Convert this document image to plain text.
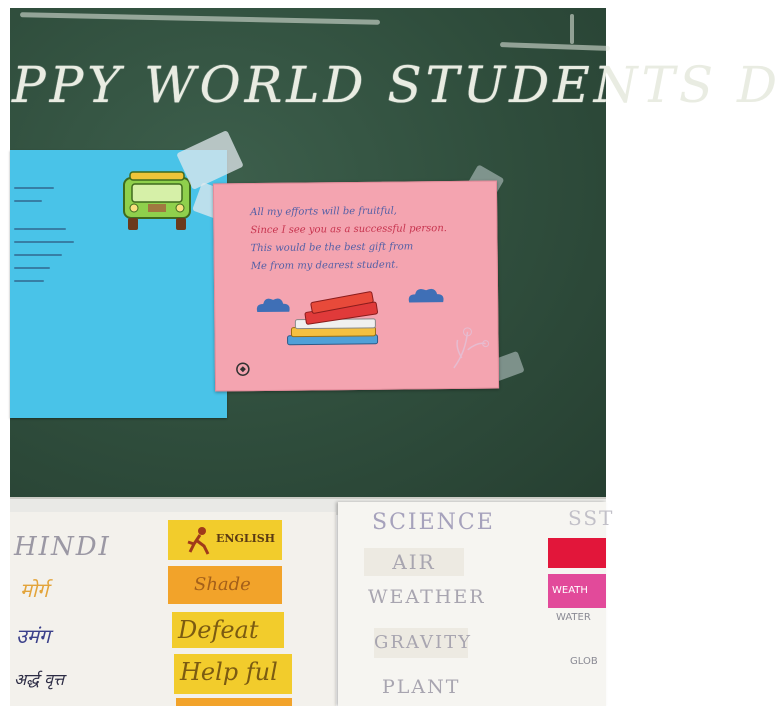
PPY WORLD STUDENTS D
All my efforts will be fruitful,
Since I see you as a successful person.
This would be the best gift from
Me from my dearest student.
HINDI
मोर्ग
उमंग
अर्द्ध वृत्त
ENGLISH
Shade
Defeat
Help ful
SCIENCE
AIR
WEATHER
GRAVITY
PLANT
SST
WEATH
WATER
GLOB
